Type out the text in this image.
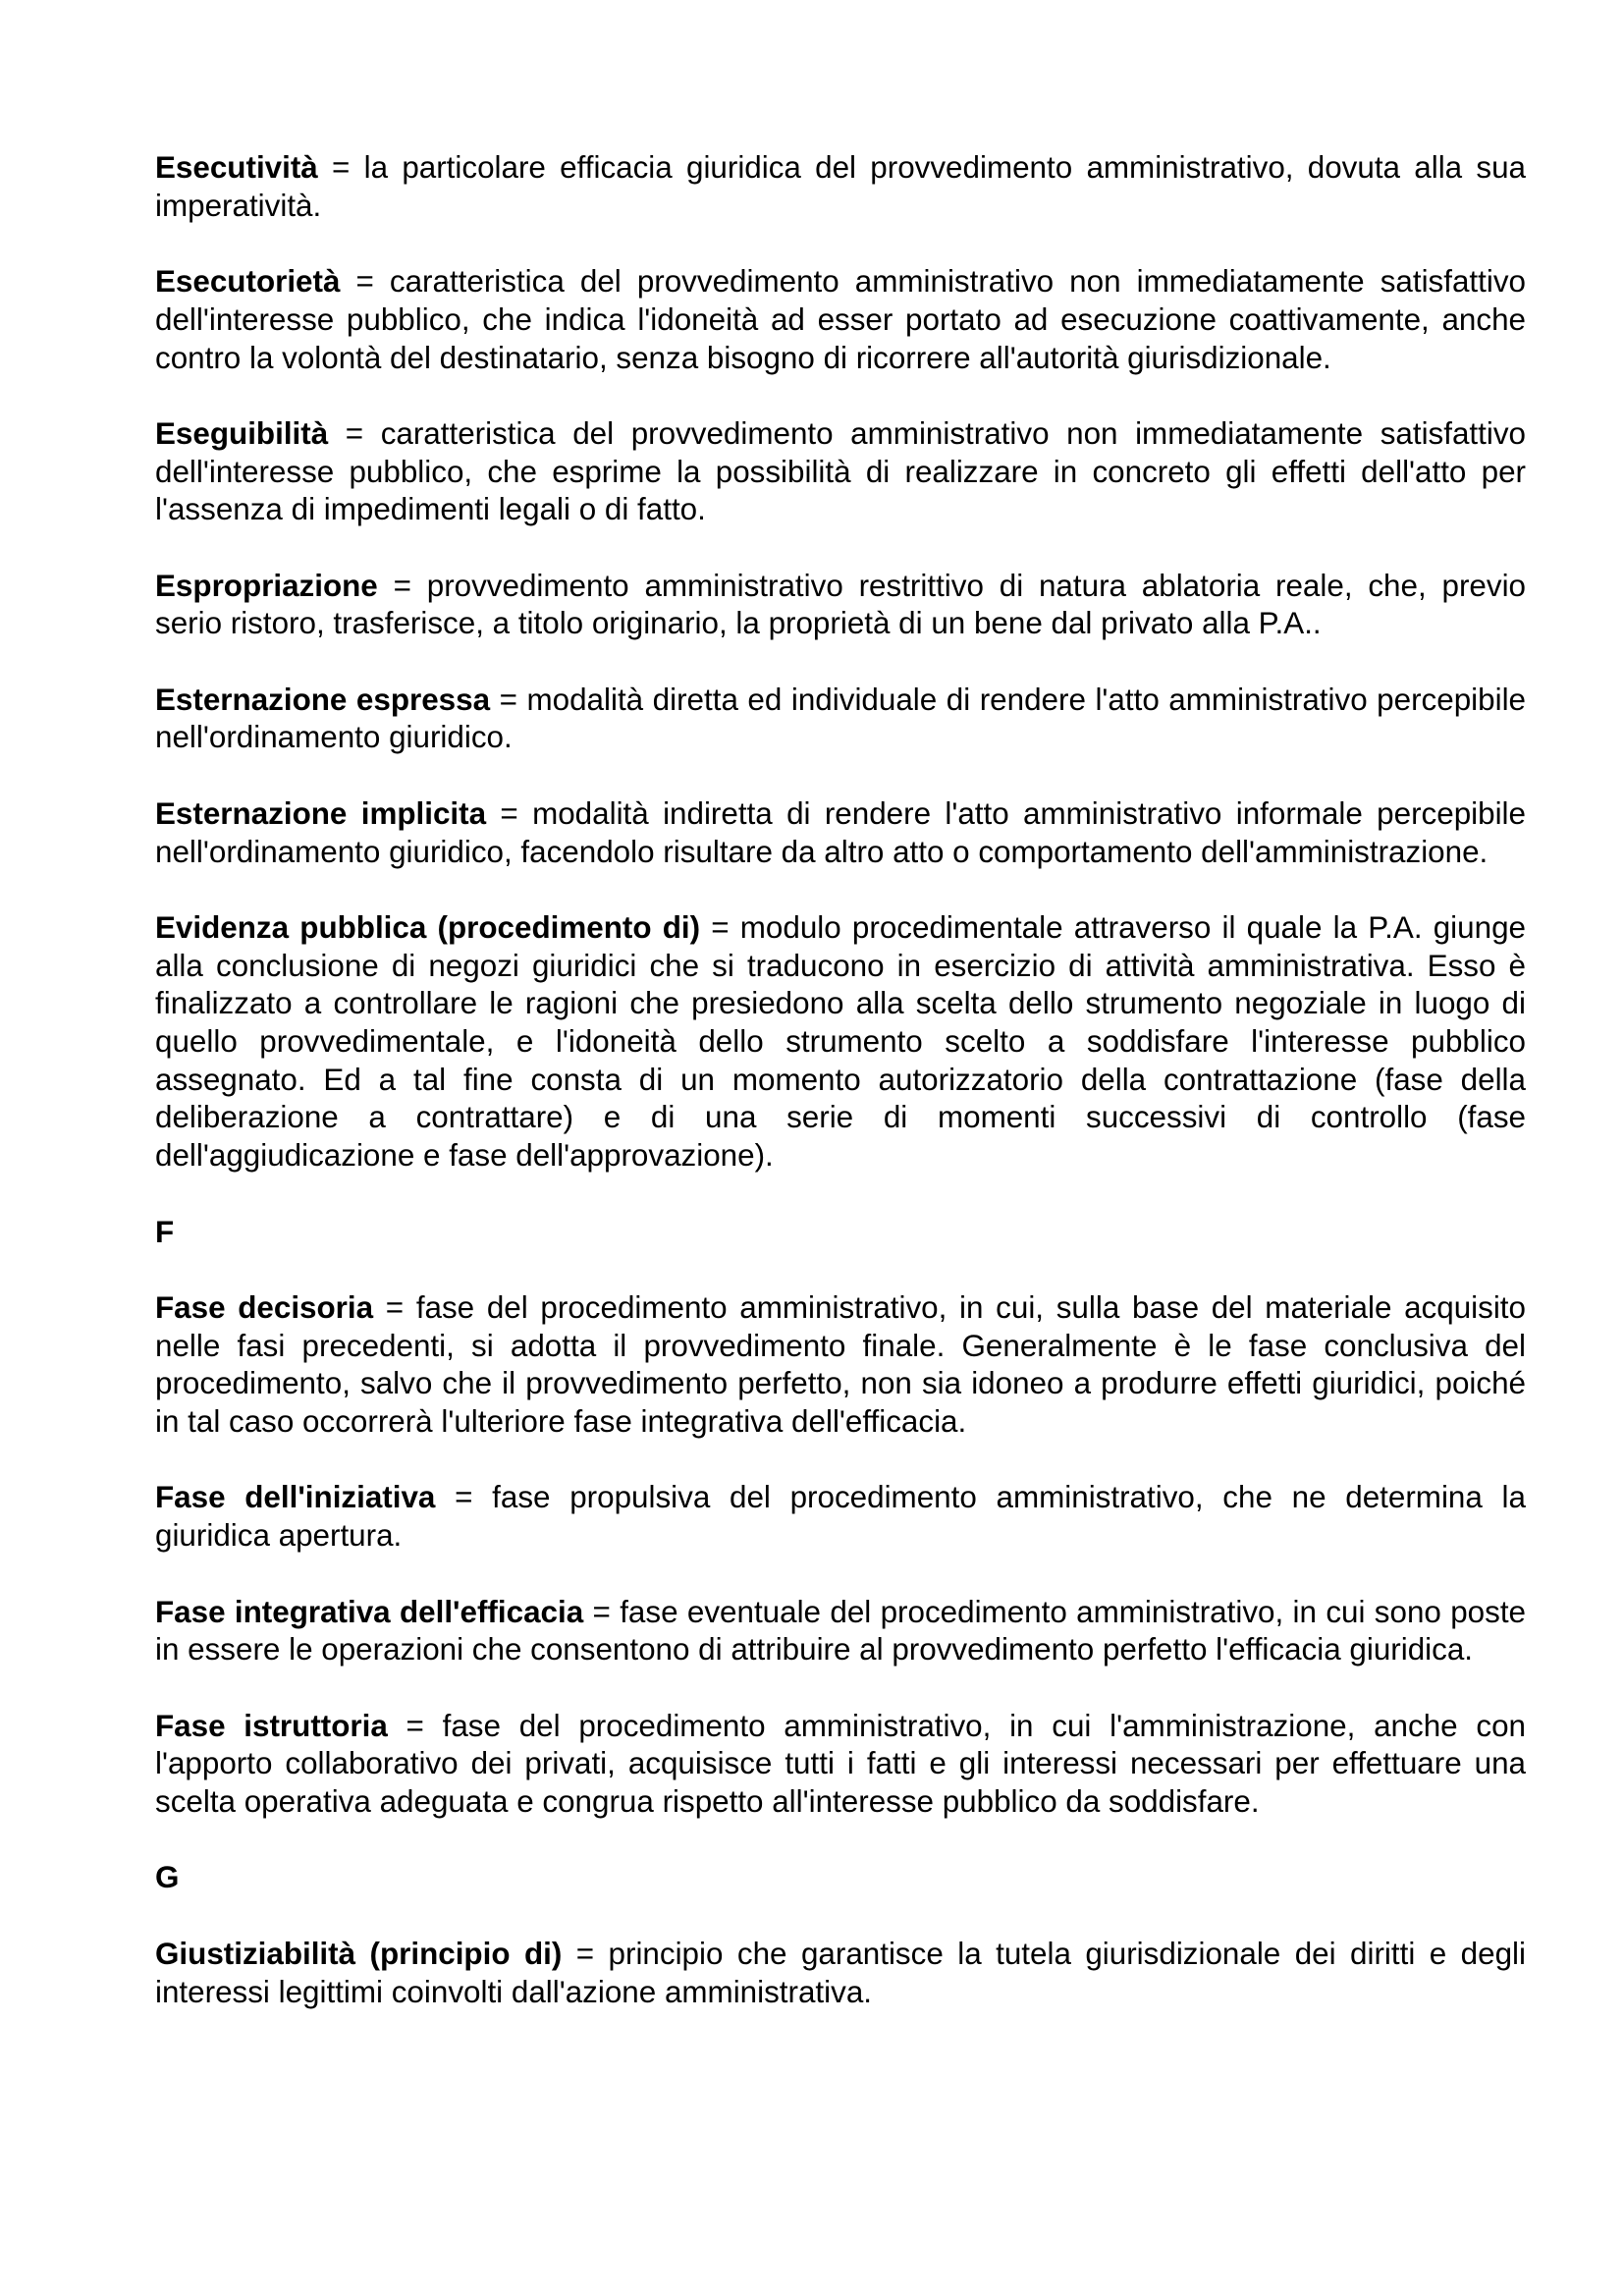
Esecutività = la particolare efficacia giuridica del provvedimento amministrativo, dovuta alla sua imperatività.

Esecutorietà = caratteristica del provvedimento amministrativo non immediatamente satisfattivo dell'interesse pubblico, che indica l'idoneità ad esser portato ad esecuzione coattivamente, anche contro la volontà del destinatario, senza bisogno di ricorrere all'autorità giurisdizionale.

Eseguibilità = caratteristica del provvedimento amministrativo non immediatamente satisfattivo dell'interesse pubblico, che esprime la possibilità di realizzare in concreto gli effetti dell'atto per l'assenza di impedimenti legali o di fatto.

Espropriazione = provvedimento amministrativo restrittivo di natura ablatoria reale, che, previo serio ristoro, trasferisce, a titolo originario, la proprietà di un bene dal privato alla P.A..

Esternazione espressa = modalità diretta ed individuale di rendere l'atto amministrativo percepibile nell'ordinamento giuridico.

Esternazione implicita = modalità indiretta di rendere l'atto amministrativo informale percepibile nell'ordinamento giuridico, facendolo risultare da altro atto o comportamento dell'amministrazione.

Evidenza pubblica (procedimento di) = modulo procedimentale attraverso il quale la P.A. giunge alla conclusione di negozi giuridici che si traducono in esercizio di attività amministrativa. Esso è finalizzato a controllare le ragioni che presiedono alla scelta dello strumento negoziale in luogo di quello provvedimentale, e l'idoneità dello strumento scelto a soddisfare l'interesse pubblico assegnato. Ed a tal fine consta di un momento autorizzatorio della contrattazione (fase della deliberazione a contrattare) e di una serie di momenti successivi di controllo (fase dell'aggiudicazione e fase dell'approvazione).

F

Fase decisoria = fase del procedimento amministrativo, in cui, sulla base del materiale acquisito nelle fasi precedenti, si adotta il provvedimento finale. Generalmente è le fase conclusiva del procedimento, salvo che il provvedimento perfetto, non sia idoneo a produrre effetti giuridici, poiché in tal caso occorrerà l'ulteriore fase integrativa dell'efficacia.

Fase dell'iniziativa = fase propulsiva del procedimento amministrativo, che ne determina la giuridica apertura.

Fase integrativa dell'efficacia = fase eventuale del procedimento amministrativo, in cui sono poste in essere le operazioni che consentono di attribuire al provvedimento perfetto l'efficacia giuridica.

Fase istruttoria = fase del procedimento amministrativo, in cui l'amministrazione, anche con l'apporto collaborativo dei privati, acquisisce tutti i fatti e gli interessi necessari per effettuare una scelta operativa adeguata e congrua rispetto all'interesse pubblico da soddisfare.

G

Giustiziabilità (principio di) = principio che garantisce la tutela giurisdizionale dei diritti e degli interessi legittimi coinvolti dall'azione amministrativa.
